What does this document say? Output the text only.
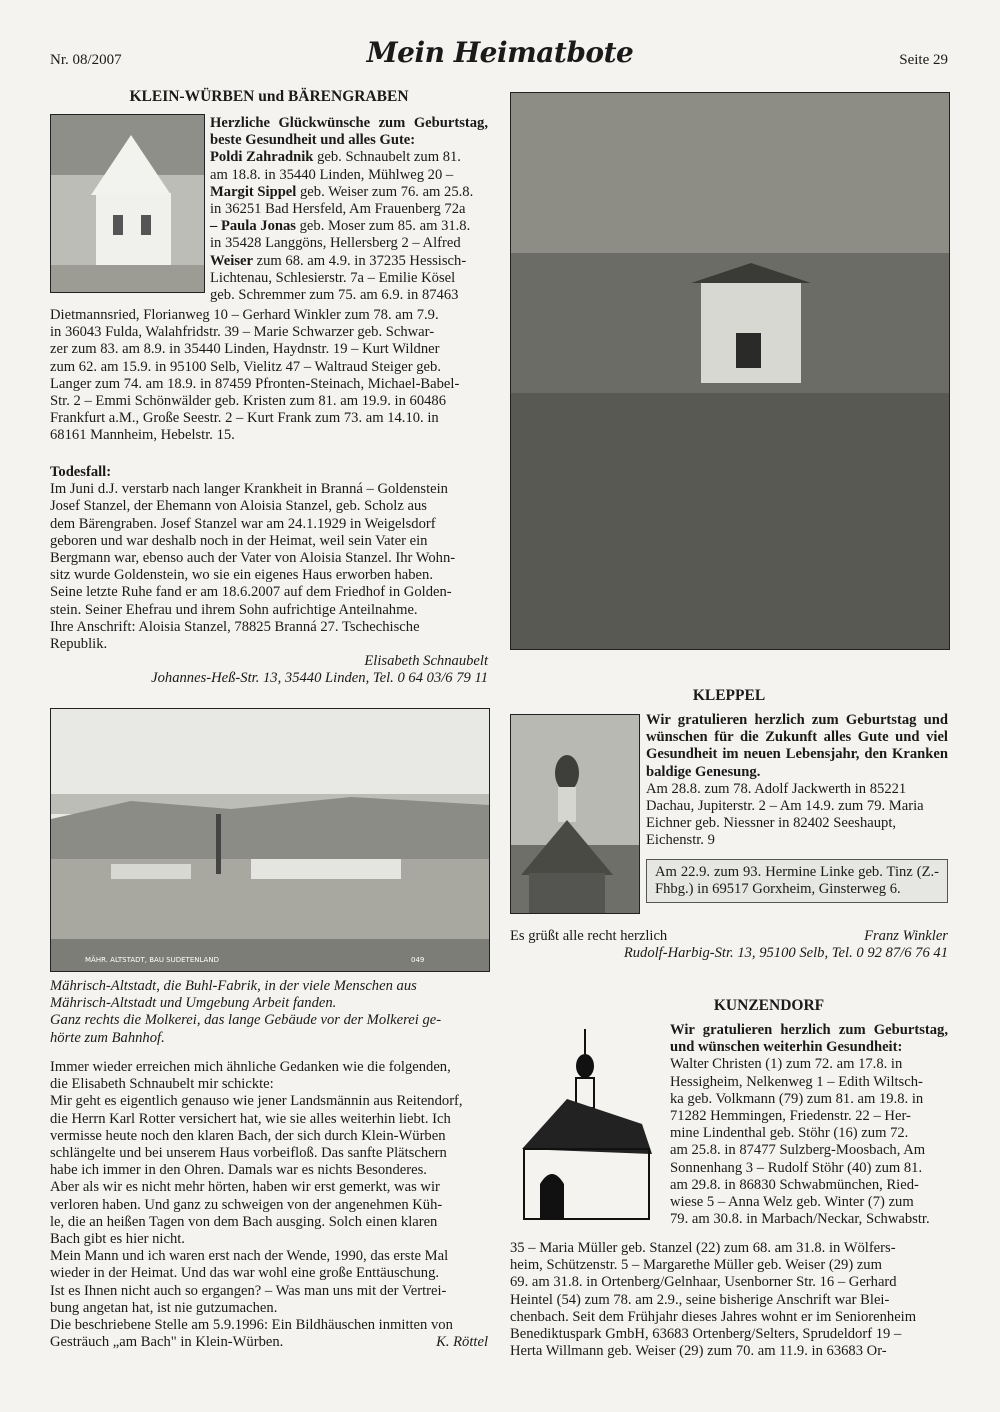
Nr. 08/2007	Mein Heimatbote	Seite 29
KLEIN-WÜRBEN und BÄRENGRABEN

Herzliche Glückwünsche zum Geburtstag, beste Gesundheit und alles Gute:

Poldi Zahradnik geb. Schnaubelt zum 81.

am 18.8. in 35440 Linden, Mühlweg 20 –

Margit Sippel geb. Weiser zum 76. am 25.8.

in 36251 Bad Hersfeld, Am Frauenberg 72a

– Paula Jonas geb. Moser zum 85. am 31.8.

in 35428 Langgöns, Hellersberg 2 – Alfred

Weiser zum 68. am 4.9. in 37235 Hessisch-

Lichtenau, Schlesierstr. 7a – Emilie Kösel

geb. Schremmer zum 75. am 6.9. in 87463

Dietmannsried, Florianweg 10 – Gerhard Winkler zum 78. am 7.9.

in 36043 Fulda, Walahfridstr. 39 – Marie Schwarzer geb. Schwar-

zer zum 83. am 8.9. in 35440 Linden, Haydnstr. 19 – Kurt Wildner

zum 62. am 15.9. in 95100 Selb, Vielitz 47 – Waltraud Steiger geb.

Langer zum 74. am 18.9. in 87459 Pfronten-Steinach, Michael-Babel-

Str. 2 – Emmi Schönwälder geb. Kristen zum 81. am 19.9. in 60486

Frankfurt a.M., Große Seestr. 2 – Kurt Frank zum 73. am 14.10. in

68161 Mannheim, Hebelstr. 15.

Todesfall:

Im Juni d.J. verstarb nach langer Krankheit in Branná – Goldenstein

Josef Stanzel, der Ehemann von Aloisia Stanzel, geb. Scholz aus

dem Bärengraben. Josef Stanzel war am 24.1.1929 in Weigelsdorf

geboren und war deshalb noch in der Heimat, weil sein Vater ein

Bergmann war, ebenso auch der Vater von Aloisia Stanzel. Ihr Wohn-

sitz wurde Goldenstein, wo sie ein eigenes Haus erworben haben.

Seine letzte Ruhe fand er am 18.6.2007 auf dem Friedhof in Golden-

stein. Seiner Ehefrau und ihrem Sohn aufrichtige Anteilnahme.

Ihre Anschrift: Aloisia Stanzel, 78825 Branná 27. Tschechische

Republik.

Elisabeth Schnaubelt

Johannes-Heß-Str. 13, 35440 Linden, Tel. 0 64 03/6 79 11

MÄHR. ALTSTADT, BAU SUDETENLAND	049

Mährisch-Altstadt, die Buhl-Fabrik, in der viele Menschen aus

Mährisch-Altstadt und Umgebung Arbeit fanden.

Ganz rechts die Molkerei, das lange Gebäude vor der Molkerei ge-

hörte zum Bahnhof.

Immer wieder erreichen mich ähnliche Gedanken wie die folgenden,

die Elisabeth Schnaubelt mir schickte:

Mir geht es eigentlich genauso wie jener Landsmännin aus Reitendorf,

die Herrn Karl Rotter versichert hat, wie sie alles weiterhin liebt. Ich

vermisse heute noch den klaren Bach, der sich durch Klein-Würben

schlängelte und bei unserem Haus vorbeifloß. Das sanfte Plätschern

habe ich immer in den Ohren. Damals war es nichts Besonderes.

Aber als wir es nicht mehr hörten, haben wir erst gemerkt, was wir

verloren haben. Und ganz zu schweigen von der angenehmen Küh-

le, die an heißen Tagen von dem Bach ausging. Solch einen klaren

Bach gibt es hier nicht.

Mein Mann und ich waren erst nach der Wende, 1990, das erste Mal

wieder in der Heimat. Und das war wohl eine große Enttäuschung.

Ist es Ihnen nicht auch so ergangen? – Was man uns mit der Vertrei-

bung angetan hat, ist nie gutzumachen.

Die beschriebene Stelle am 5.9.1996: Ein Bildhäuschen inmitten von

Gesträuch „am Bach" in Klein-Würben.	K. Röttel

KLEPPEL

Wir gratulieren herzlich zum Geburtstag und wünschen für die Zukunft alles Gute und viel Gesundheit im neuen Lebensjahr, den Kranken baldige Genesung.

Am 28.8. zum 78. Adolf Jackwerth in 85221

Dachau, Jupiterstr. 2 – Am 14.9. zum 79. Maria

Eichner geb. Niessner in 82402 Seeshaupt,

Eichenstr. 9

Am 22.9. zum 93. Hermine Linke geb. Tinz (Z.-Fhbg.) in 69517 Gorxheim, Ginsterweg 6.

Es grüßt alle recht herzlich	Franz Winkler

Rudolf-Harbig-Str. 13, 95100 Selb, Tel. 0 92 87/6 76 41

KUNZENDORF

Wir gratulieren herzlich zum Geburtstag, und wünschen weiterhin Gesundheit:

Walter Christen (1) zum 72. am 17.8. in

Hessigheim, Nelkenweg 1 – Edith Wiltsch-

ka geb. Volkmann (79) zum 81. am 19.8. in

71282 Hemmingen, Friedenstr. 22 – Her-

mine Lindenthal geb. Stöhr (16) zum 72.

am 25.8. in 87477 Sulzberg-Moosbach, Am

Sonnenhang 3 – Rudolf Stöhr (40) zum 81.

am 29.8. in 86830 Schwabmünchen, Ried-

wiese 5 – Anna Welz geb. Winter (7) zum

79. am 30.8. in Marbach/Neckar, Schwabstr.

35 – Maria Müller geb. Stanzel (22) zum 68. am 31.8. in Wölfers-

heim, Schützenstr. 5 – Margarethe Müller geb. Weiser (29) zum

69. am 31.8. in Ortenberg/Gelnhaar, Usenborner Str. 16 – Gerhard

Heintel (54) zum 78. am 2.9., seine bisherige Anschrift war Blei-

chenbach. Seit dem Frühjahr dieses Jahres wohnt er im Seniorenheim

Benediktuspark GmbH, 63683 Ortenberg/Selters, Sprudeldorf 19 –

Herta Willmann geb. Weiser (29) zum 70. am 11.9. in 63683 Or-
